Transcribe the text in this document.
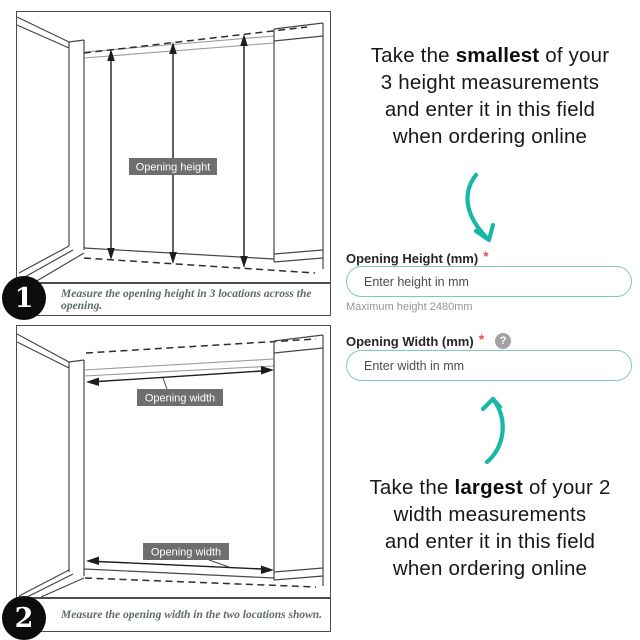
Opening height
Measure the opening height in 3 locations across the opening.
1
Opening width
Opening width
Measure the opening width in the two locations shown.
2
Take the smallest of your
3 height measurements
and enter it in this field
when ordering online
Opening Height (mm) *
Enter height in mm
Maximum height 2480mm
Opening Width (mm) *	?
Enter width in mm
Take the largest of your 2
width measurements
and enter it in this field
when ordering online
